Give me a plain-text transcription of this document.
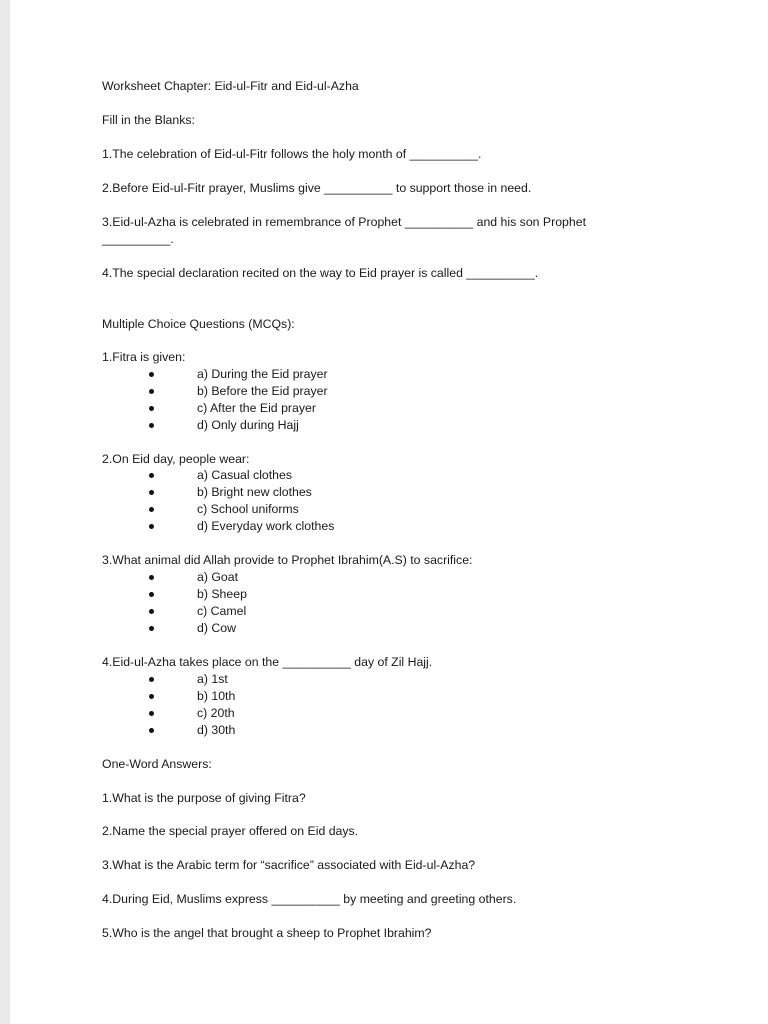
Worksheet Chapter: Eid-ul-Fitr and Eid-ul-Azha
Fill in the Blanks:
1.The celebration of Eid-ul-Fitr follows the holy month of __________.
2.Before Eid-ul-Fitr prayer, Muslims give __________ to support those in need.
3.Eid-ul-Azha is celebrated in remembrance of Prophet __________ and his son Prophet
__________.
4.The special declaration recited on the way to Eid prayer is called __________.
Multiple Choice Questions (MCQs):
1.Fitra is given:
a) During the Eid prayer
b) Before the Eid prayer
c) After the Eid prayer
d) Only during Hajj
2.On Eid day, people wear:
a) Casual clothes
b) Bright new clothes
c) School uniforms
d) Everyday work clothes
3.What animal did Allah provide to Prophet Ibrahim(A.S) to sacrifice:
a) Goat
b) Sheep
c) Camel
d) Cow
4.Eid-ul-Azha takes place on the __________ day of Zil Hajj.
a) 1st
b) 10th
c) 20th
d) 30th
One-Word Answers:
1.What is the purpose of giving Fitra?
2.Name the special prayer offered on Eid days.
3.What is the Arabic term for “sacrifice” associated with Eid-ul-Azha?
4.During Eid, Muslims express __________ by meeting and greeting others.
5.Who is the angel that brought a sheep to Prophet Ibrahim?
